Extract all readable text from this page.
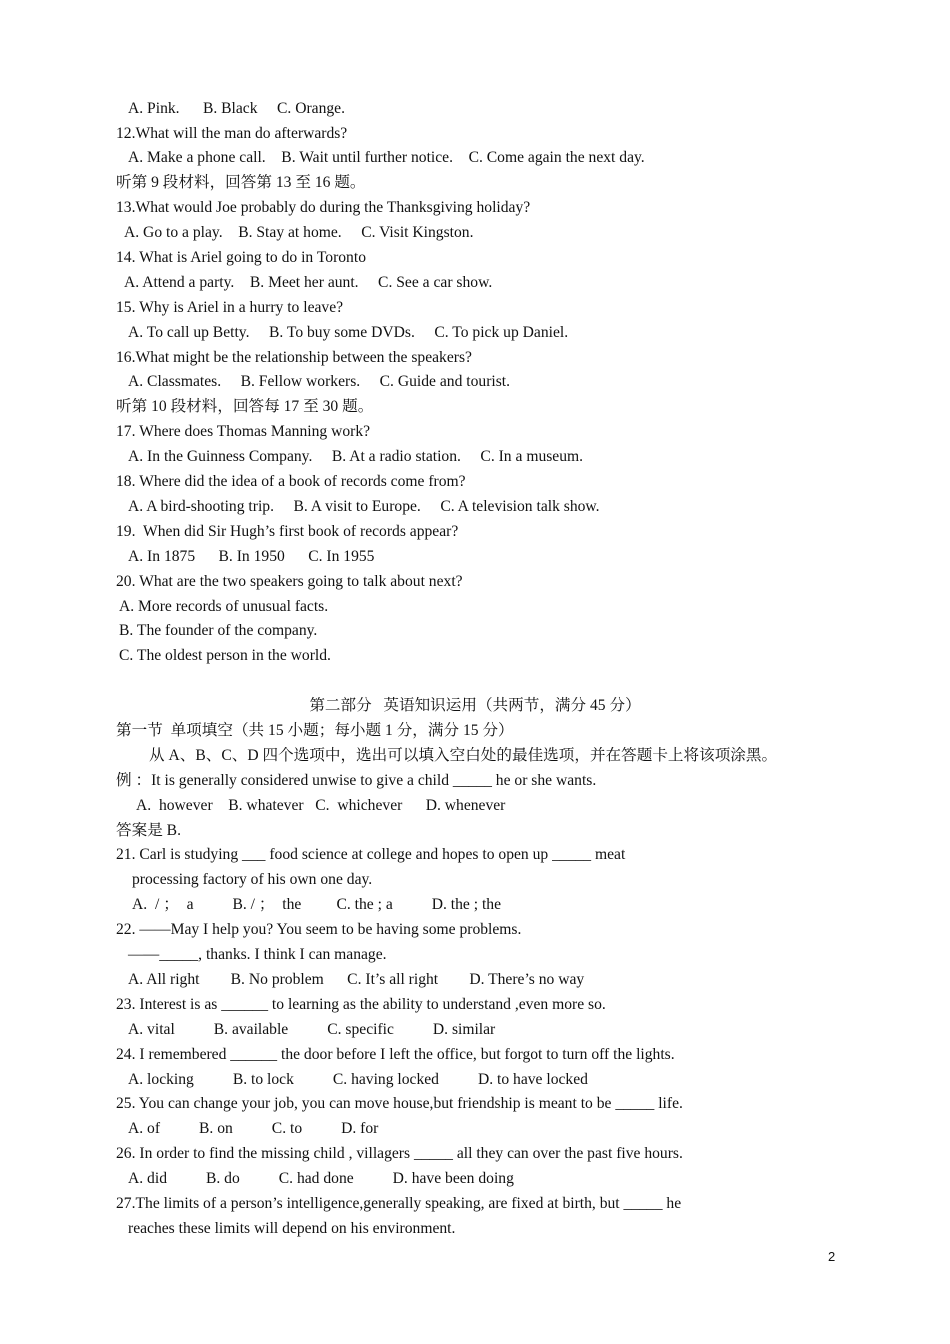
A. Pink.      B. Black     C. Orange.
12.What will the man do afterwards?
A. Make a phone call.    B. Wait until further notice.    C. Come again the next day.
听第 9 段材料，回答第 13 至 16 题。
13.What would Joe probably do during the Thanksgiving holiday?
A. Go to a play.    B. Stay at home.     C. Visit Kingston.
14. What is Ariel going to do in Toronto
A. Attend a party.    B. Meet her aunt.     C. See a car show.
15. Why is Ariel in a hurry to leave?
A. To call up Betty.     B. To buy some DVDs.     C. To pick up Daniel.
16.What might be the relationship between the speakers?
A. Classmates.     B. Fellow workers.     C. Guide and tourist.
听第 10 段材料，回答每 17 至 30 题。
17. Where does Thomas Manning work?
A. In the Guinness Company.     B. At a radio station.     C. In a museum.
18. Where did the idea of a book of records come from?
A. A bird-shooting trip.     B. A visit to Europe.     C. A television talk show.
19.  When did Sir Hugh’s first book of records appear?
A. In 1875      B. In 1950      C. In 1955
20. What are the two speakers going to talk about next?
A. More records of unusual facts.
B. The founder of the company.
C. The oldest person in the world.
第二部分   英语知识运用（共两节，满分 45 分）
第一节  单项填空（共 15 小题；每小题 1 分，满分 15 分）
从 A、B、C、D 四个选项中，选出可以填入空白处的最佳选项，并在答题卡上将该项涂黑。
例 ：It is generally considered unwise to give a child _____ he or she wants.
A.  however    B. whatever   C.  whichever      D. whenever
答案是 B.
21. Carl is studying ___ food science at college and hopes to open up _____ meat
processing factory of his own one day.
A.  / ；  a          B. / ；  the         C. the ; a          D. the ; the
22. ——May I help you? You seem to be having some problems.
——_____, thanks. I think I can manage.
A. All right        B. No problem      C. It’s all right        D. There’s no way
23. Interest is as ______ to learning as the ability to understand ,even more so.
A. vital          B. available          C. specific          D. similar
24. I remembered ______ the door before I left the office, but forgot to turn off the lights.
A. locking          B. to lock          C. having locked          D. to have locked
25. You can change your job, you can move house,but friendship is meant to be _____ life.
A. of          B. on          C. to          D. for
26. In order to find the missing child , villagers _____ all they can over the past five hours.
A. did          B. do          C. had done          D. have been doing
27.The limits of a person’s intelligence,generally speaking, are fixed at birth, but _____ he
reaches these limits will depend on his environment.
2
